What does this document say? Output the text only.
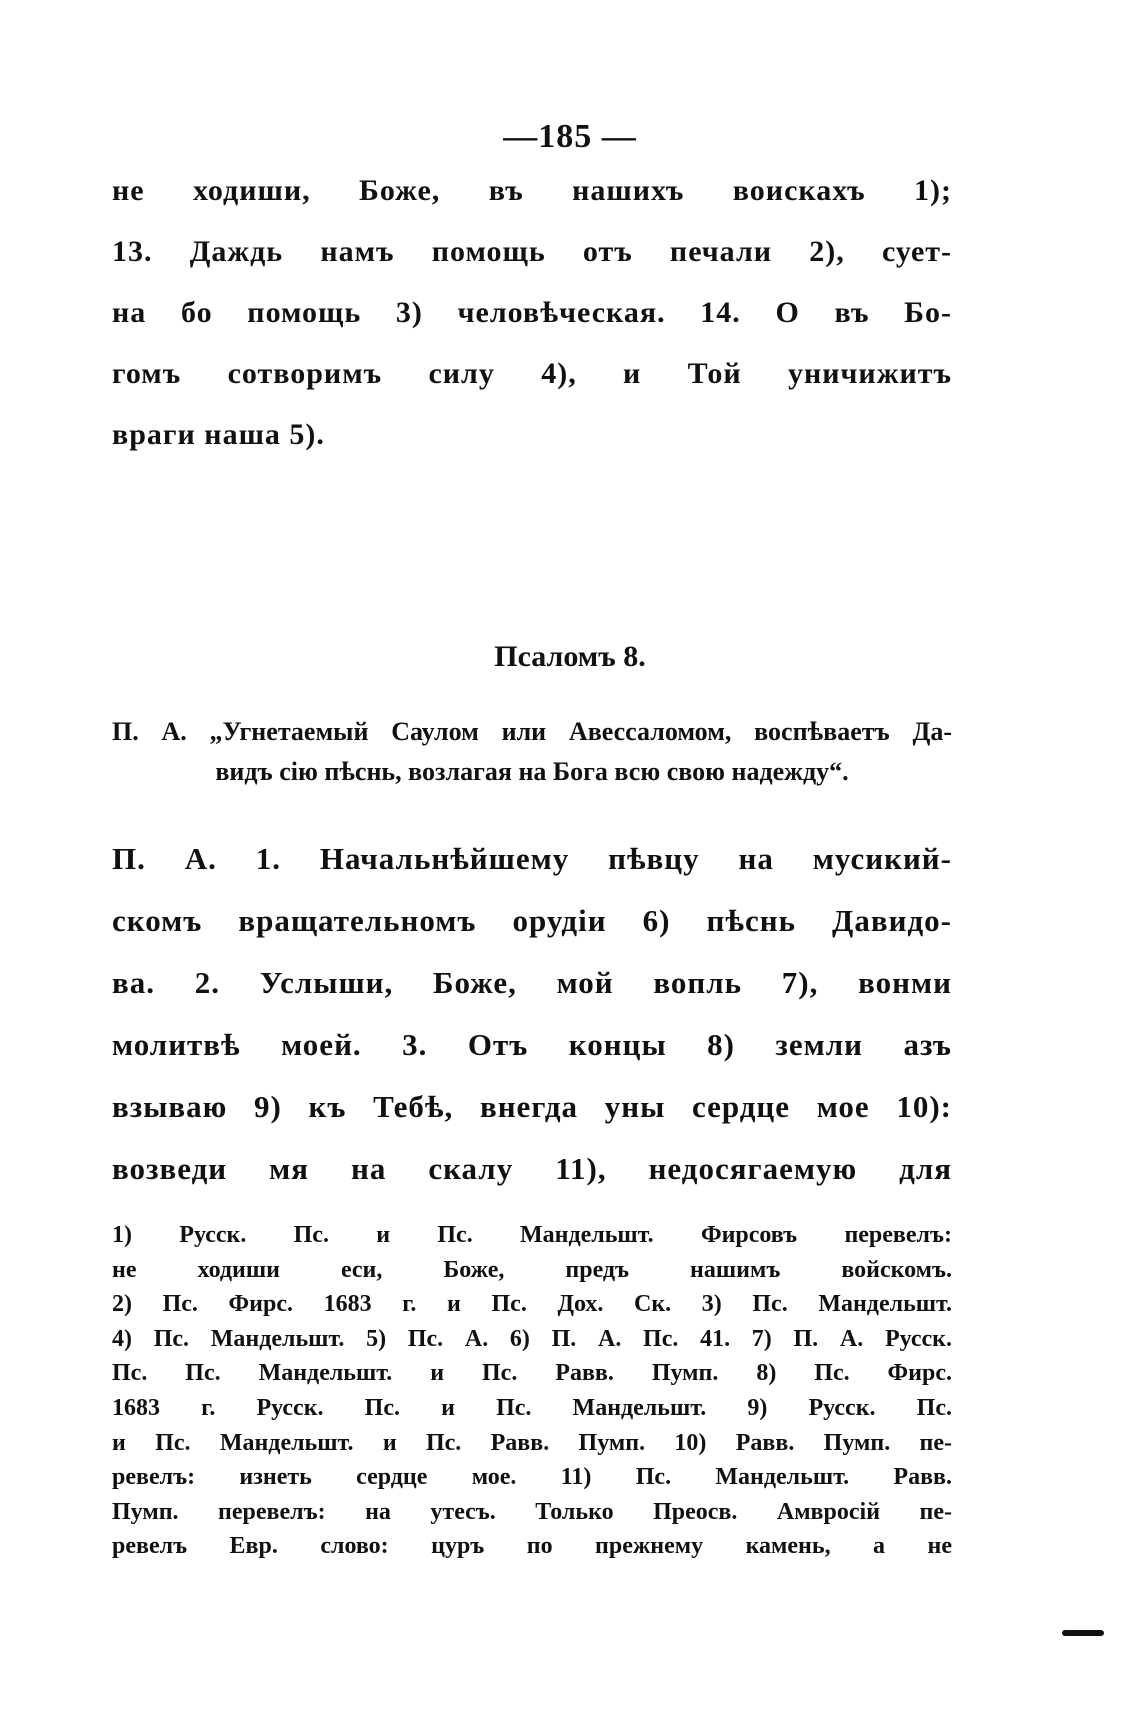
—185 —
не ходиши, Боже, въ нашихъ воискахъ 1);
13. Даждь намъ помощь отъ печали 2), сует-
на бо помощь 3) человѣческая. 14. О въ Бо-
гомъ сотворимъ силу 4), и Той уничижитъ
враги наша 5).
Псаломъ 8.
П. А. „Угнетаемый Саулом или Авессаломом, воспѣваетъ Да-
видъ сію пѣснь, возлагая на Бога всю свою надежду“.
П. А. 1. Начальнѣйшему пѣвцу на мусикий-
скомъ вращательномъ орудіи 6) пѣснь Давидо-
ва. 2. Услыши, Боже, мой вопль 7), вонми
молитвѣ моей. 3. Отъ концы 8) земли азъ
взываю 9) къ Тебѣ, внегда уны сердце мое 10):
возведи мя на скалу 11), недосягаемую для
1) Русск. Пс. и Пс. Мандельшт. Фирсовъ перевелъ:
не ходиши еси, Боже, предъ нашимъ войскомъ.
2) Пс. Фирс. 1683 г. и Пс. Дох. Ск. 3) Пс. Мандельшт.
4) Пс. Мандельшт. 5) Пс. А. 6) П. А. Пс. 41. 7) П. А. Русск.
Пс. Пс. Мандельшт. и Пс. Равв. Пумп. 8) Пс. Фирс.
1683 г. Русск. Пс. и Пс. Мандельшт. 9) Русск. Пс.
и Пс. Мандельшт. и Пс. Равв. Пумп. 10) Равв. Пумп. пе-
ревелъ: изнеть сердце мое. 11) Пс. Мандельшт. Равв.
Пумп. перевелъ: на утесъ. Только Преосв. Амвросій пе-
ревелъ Евр. слово: цуръ по прежнему камень, а не
